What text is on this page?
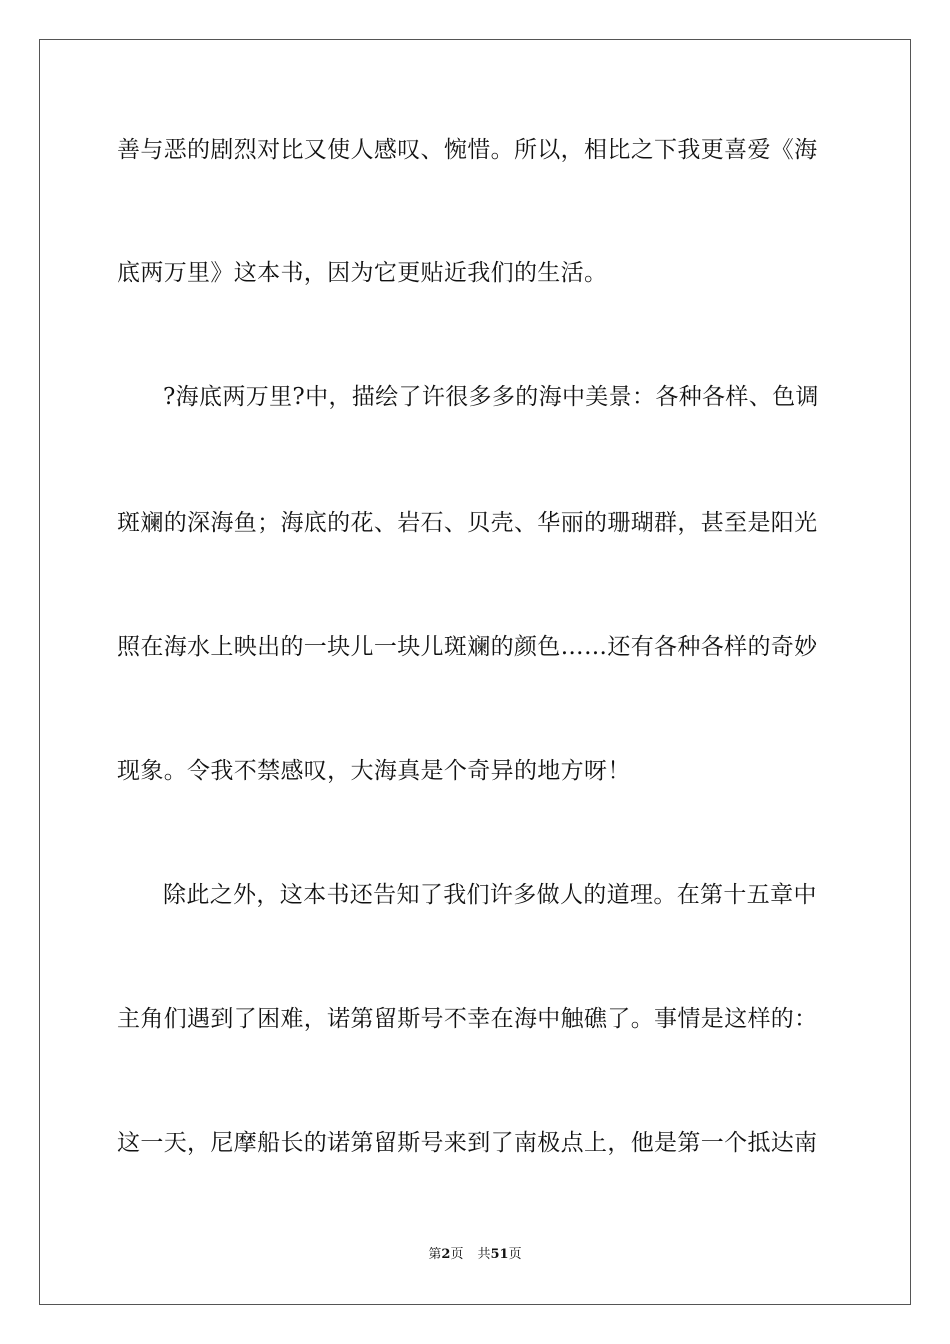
善与恶的剧烈对比又使人感叹、惋惜。所以，相比之下我更喜爱《海
底两万里》这本书，因为它更贴近我们的生活。
?海底两万里?中，描绘了许很多多的海中美景：各种各样、色调
斑斓的深海鱼；海底的花、岩石、贝壳、华丽的珊瑚群，甚至是阳光
照在海水上映出的一块儿一块儿斑斓的颜色……还有各种各样的奇妙
现象。令我不禁感叹，大海真是个奇异的地方呀！
除此之外，这本书还告知了我们许多做人的道理。在第十五章中
主角们遇到了困难，诺第留斯号不幸在海中触礁了。事情是这样的：
这一天，尼摩船长的诺第留斯号来到了南极点上，他是第一个抵达南
第2页 共51页
